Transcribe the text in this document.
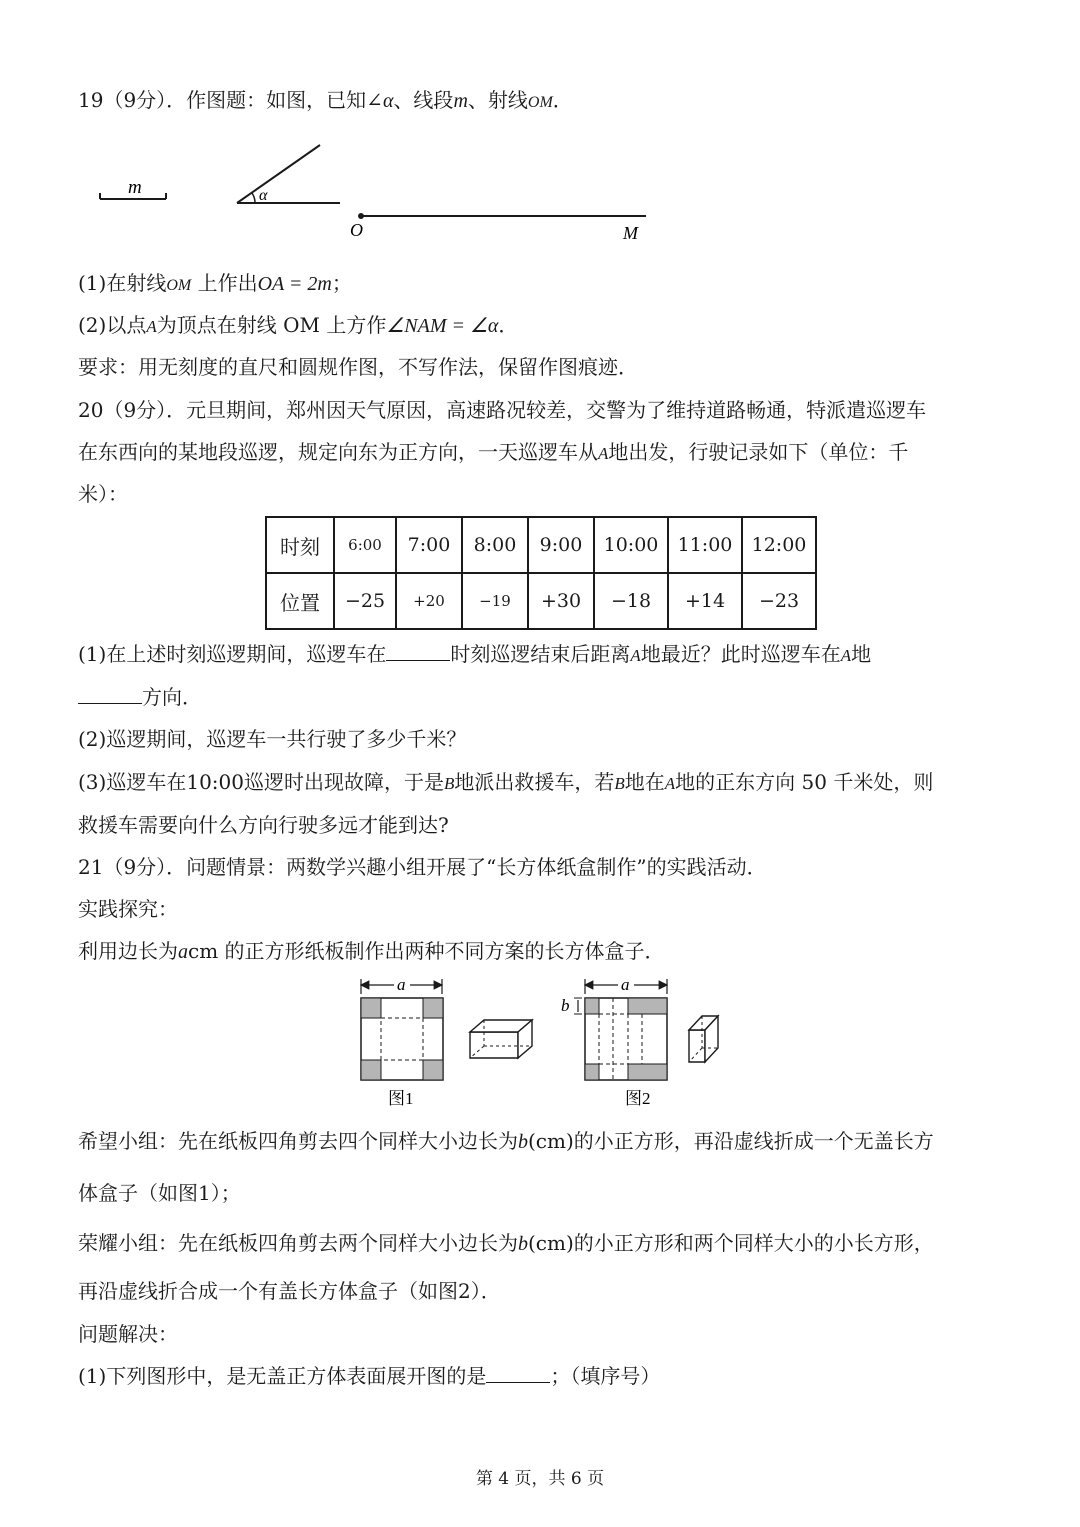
19（9分）．作图题：如图，已知∠α、线段m、射线OM．
m	α
O	M
(1)在射线OM 上作出OA = 2m；
(2)以点A为顶点在射线 OM 上方作∠NAM = ∠α．
要求：用无刻度的直尺和圆规作图，不写作法，保留作图痕迹．
20（9分）．元旦期间，郑州因天气原因，高速路况较差，交警为了维持道路畅通，特派遣巡逻车
在东西向的某地段巡逻，规定向东为正方向，一天巡逻车从A地出发，行驶记录如下（单位：千
米）：
时刻	6:00	7:00	8:00	9:00	10:00	11:00	12:00
位置	−25	+20	−19	+30	−18	+14	−23
(1)在上述时刻巡逻期间，巡逻车在	时刻巡逻结束后距离A地最近？此时巡逻车在A地
方向．
(2)巡逻期间，巡逻车一共行驶了多少千米？
(3)巡逻车在10:00巡逻时出现故障，于是B地派出救援车，若B地在A地的正东方向 50 千米处，则
救援车需要向什么方向行驶多远才能到达?
21（9分）．问题情景：两数学兴趣小组开展了“长方体纸盒制作”的实践活动．
实践探究：
利用边长为acm 的正方形纸板制作出两种不同方案的长方体盒子．
a
图1
a
b
图2
希望小组：先在纸板四角剪去四个同样大小边长为b(cm)的小正方形，再沿虚线折成一个无盖长方
体盒子（如图1）；
荣耀小组：先在纸板四角剪去两个同样大小边长为b(cm)的小正方形和两个同样大小的小长方形，
再沿虚线折合成一个有盖长方体盒子（如图2）．
问题解决：
(1)下列图形中，是无盖正方体表面展开图的是	；（填序号）
第 4 页，共 6 页
